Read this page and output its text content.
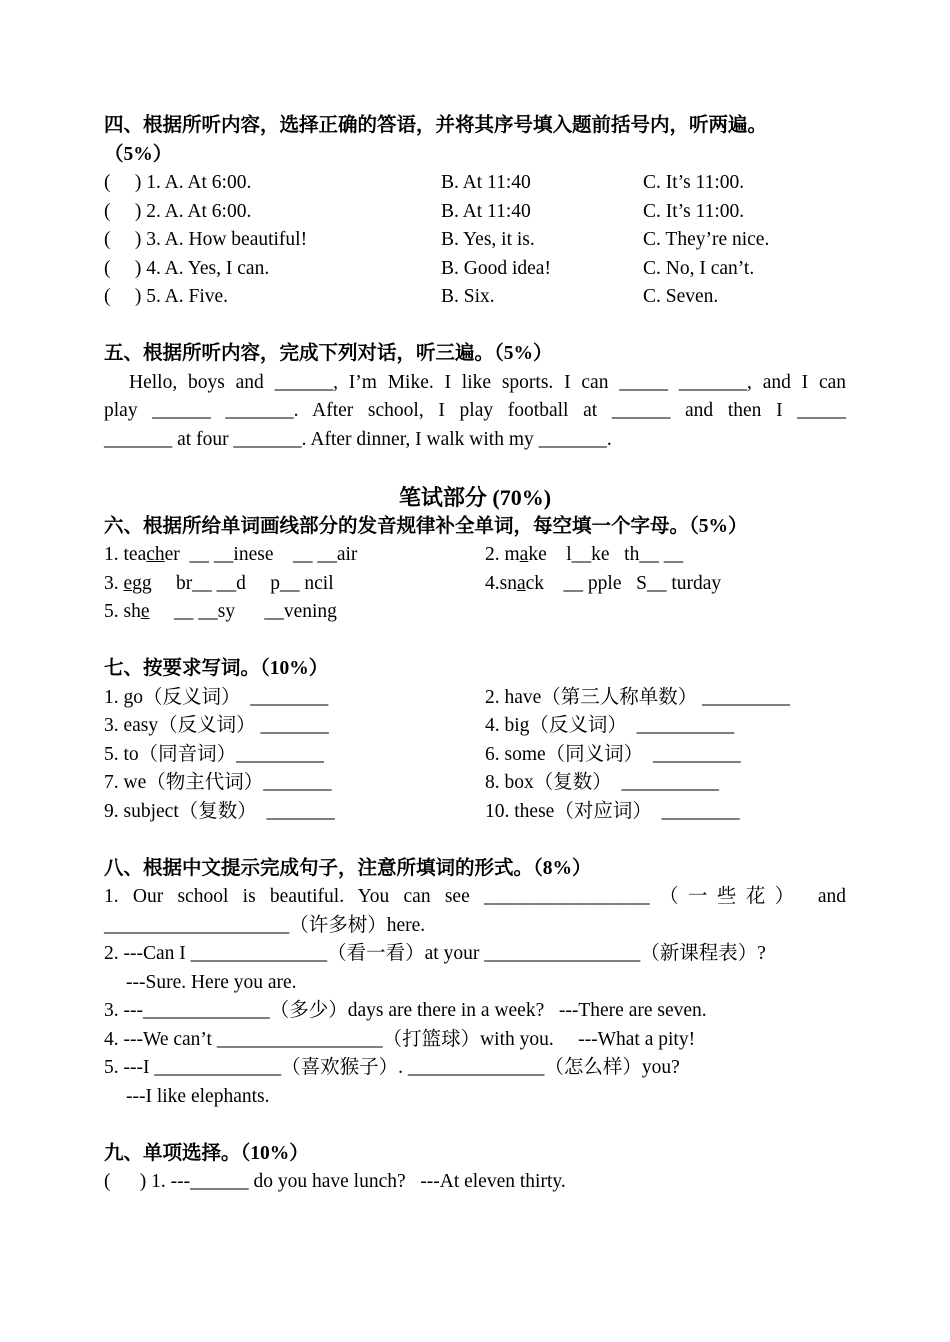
四、根据所听内容，选择正确的答语，并将其序号填入题前括号内，听两遍。
（5%）

(     ) 1. A. At 6:00.

	B. At 11:40

	C. It’s 11:00.

(     ) 2. A. At 6:00.

	B. At 11:40

	C. It’s 11:00.

(     ) 3. A. How beautiful!

	B. Yes, it is.

	C. They’re nice.

(     ) 4. A. Yes, I can.

	B. Good idea!

	C. No, I can’t.

(     ) 5. A. Five.

	B. Six.

	C. Seven.

五、根据所听内容，完成下列对话，听三遍。（5%）
Hello, boys and ______, I’m Mike. I like sports. I can _____ _______, and I can
play ______ _______. After school, I play football at ______ and then I _____
_______ at four _______. After dinner, I walk with my _______.
笔试部分 (70%)
六、根据所给单词画线部分的发音规律补全单词，每空填一个字母。（5%）

1. teacher  __ __inese    __ __air

	2. make    l__ke   th__ __

3. egg     br__ __d     p__ ncil

	4.snack    __ pple   S__ turday

5. she     __ __sy      __vening

七、按要求写词。（10%）

1. go（反义词）  ________

	2. have（第三人称单数） _________

3. easy（反义词） _______

	4. big（反义词）  __________

5. to（同音词）_________

	6. some（同义词）  _________

7. we（物主代词）_______

	8. box（复数）  __________

9. subject（复数）  _______

	10. these（对应词）  ________

八、根据中文提示完成句子，注意所填词的形式。（8%）
1. Our school is beautiful. You can see _________________（一些花） and
___________________（许多树）here.
2. ---Can I ______________（看一看）at your ________________（新课程表）?
---Sure. Here you are.
3. ---_____________（多少）days are there in a week?   ---There are seven.
4. ---We can’t _________________（打篮球）with you.     ---What a pity!
5. ---I _____________（喜欢猴子）. ______________（怎么样）you?
---I like elephants.
九、单项选择。（10%）
(      ) 1. ---______ do you have lunch?   ---At eleven thirty.
